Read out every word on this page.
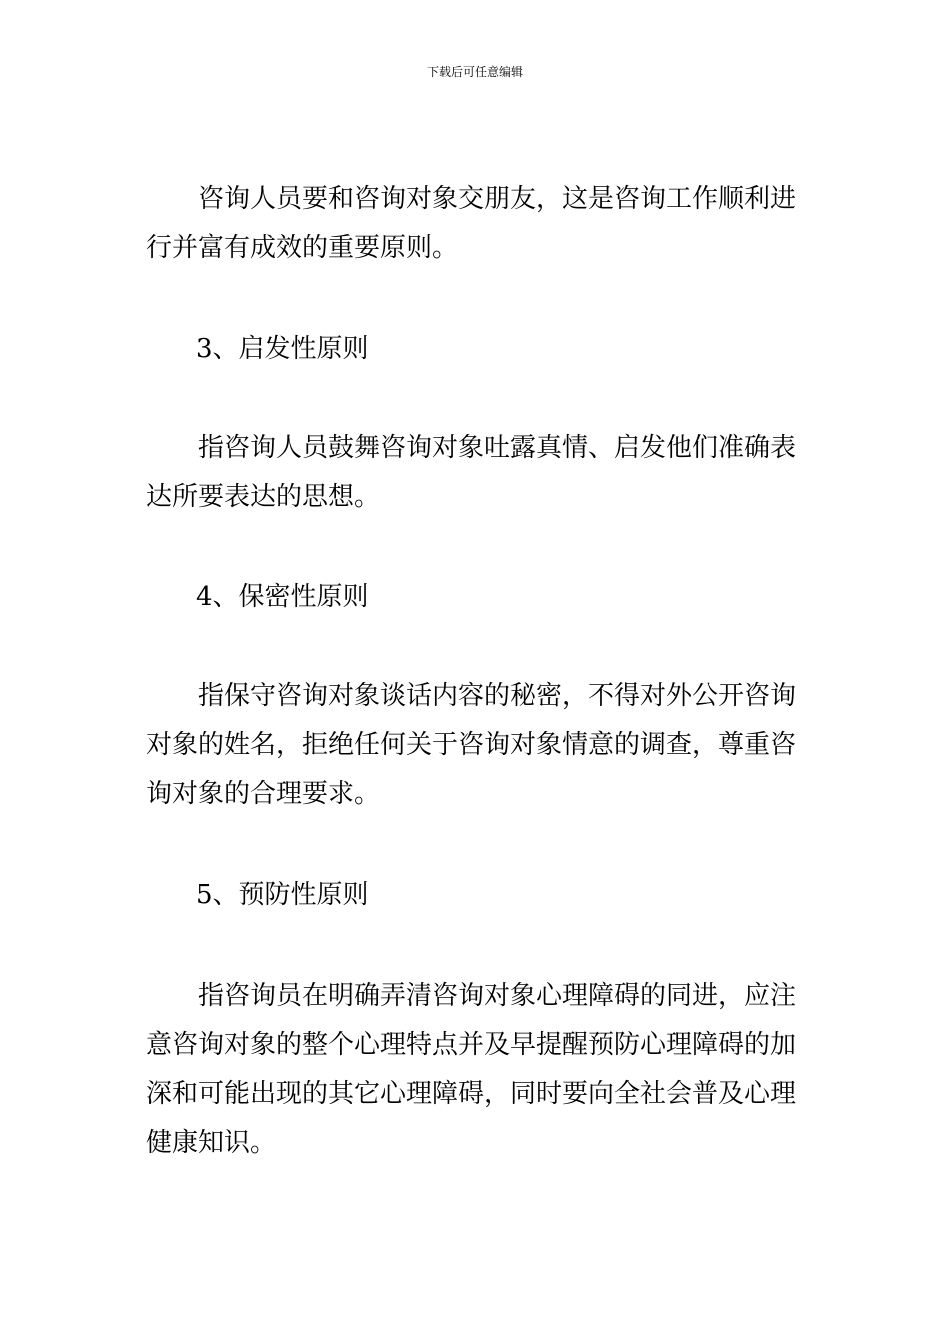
下载后可任意编辑

咨询人员要和咨询对象交朋友，这是咨询工作顺利进行并富有成效的重要原则。

3、启发性原则

指咨询人员鼓舞咨询对象吐露真情、启发他们准确表达所要表达的思想。

4、保密性原则

指保守咨询对象谈话内容的秘密，不得对外公开咨询对象的姓名，拒绝任何关于咨询对象情意的调查，尊重咨询对象的合理要求。

5、预防性原则

指咨询员在明确弄清咨询对象心理障碍的同进，应注意咨询对象的整个心理特点并及早提醒预防心理障碍的加深和可能出现的其它心理障碍，同时要向全社会普及心理健康知识。
